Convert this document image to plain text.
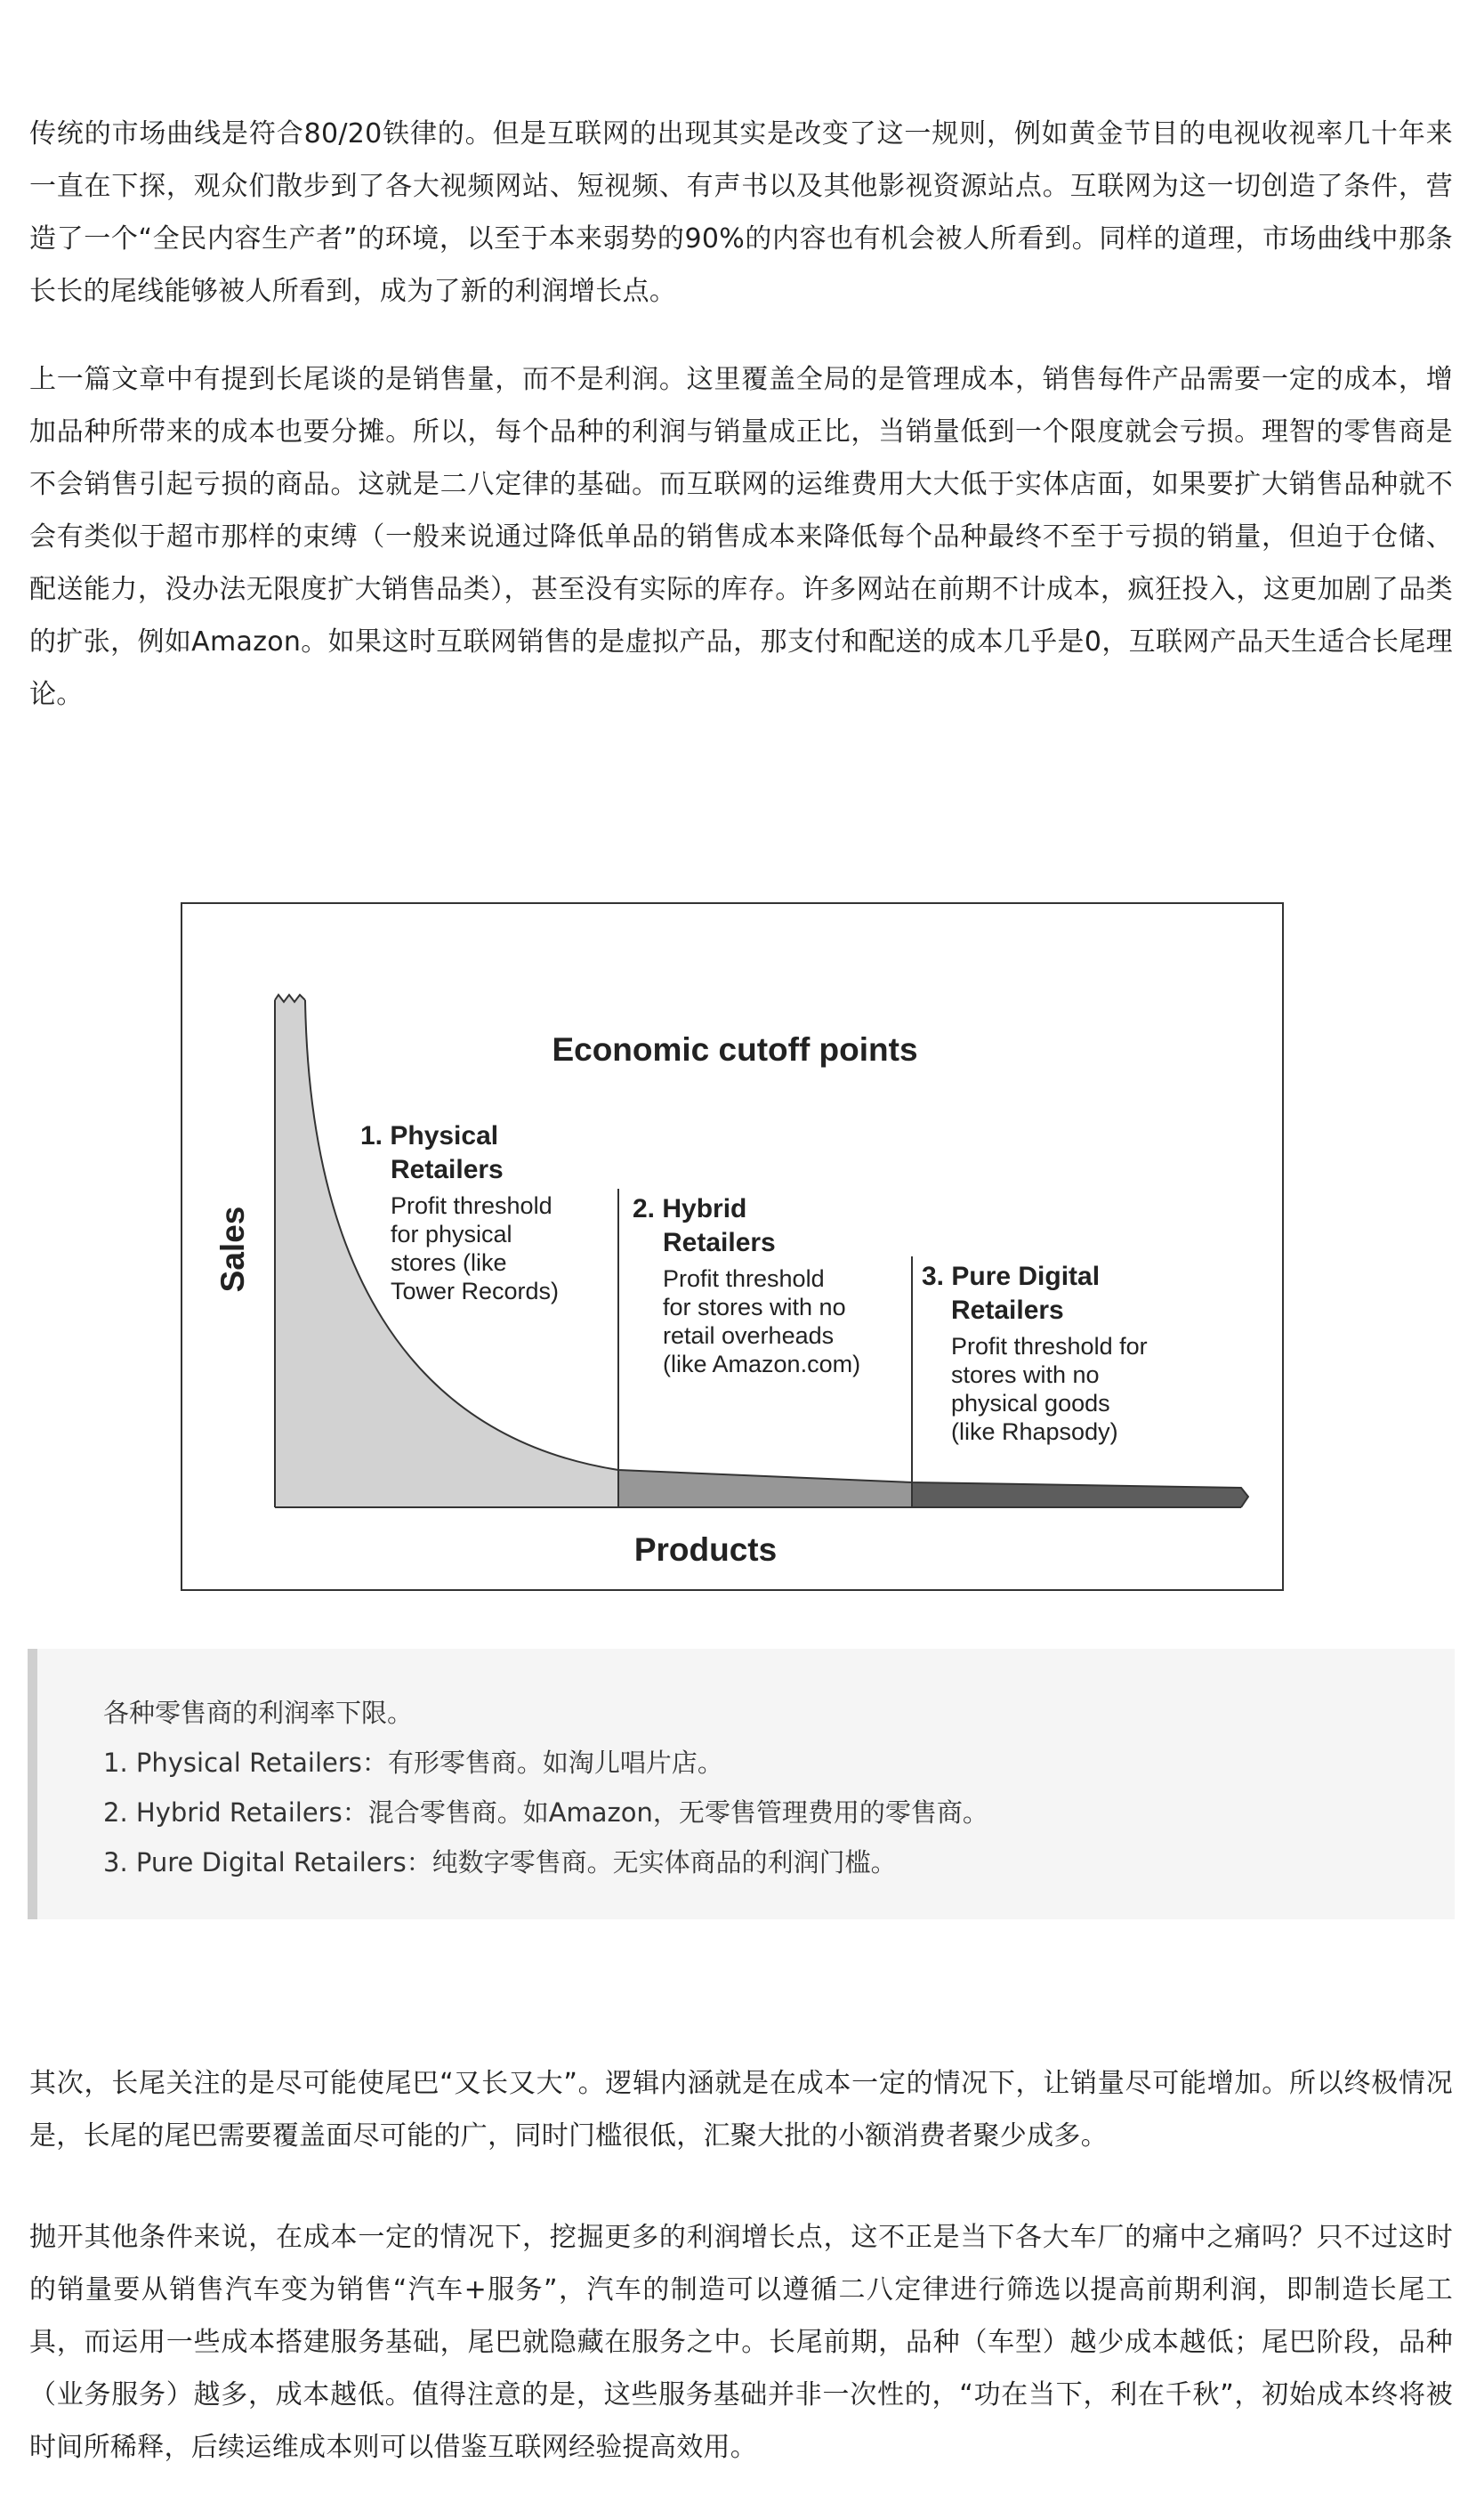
传统的市场曲线是符合80/20铁律的。但是互联网的出现其实是改变了这一规则，例如黄金节目的电视收视率几十年来一直在下探，观众们散步到了各大视频网站、短视频、有声书以及其他影视资源站点。互联网为这一切创造了条件，营造了一个“全民内容生产者”的环境，以至于本来弱势的90%的内容也有机会被人所看到。同样的道理，市场曲线中那条长长的尾线能够被人所看到，成为了新的利润增长点。

上一篇文章中有提到长尾谈的是销售量，而不是利润。这里覆盖全局的是管理成本，销售每件产品需要一定的成本，增加品种所带来的成本也要分摊。所以，每个品种的利润与销量成正比，当销量低到一个限度就会亏损。理智的零售商是不会销售引起亏损的商品。这就是二八定律的基础。而互联网的运维费用大大低于实体店面，如果要扩大销售品种就不会有类似于超市那样的束缚（一般来说通过降低单品的销售成本来降低每个品种最终不至于亏损的销量，但迫于仓储、配送能力，没办法无限度扩大销售品类），甚至没有实际的库存。许多网站在前期不计成本，疯狂投入，这更加剧了品类的扩张，例如Amazon。如果这时互联网销售的是虚拟产品，那支付和配送的成本几乎是0，互联网产品天生适合长尾理论。

Economic cutoff points
Sales
Products
1. Physical
Retailers
Profit threshold
for physical
stores (like
Tower Records)
2. Hybrid
Retailers
Profit threshold
for stores with no
retail overheads
(like Amazon.com)
3. Pure Digital
Retailers
Profit threshold for
stores with no
physical goods
(like Rhapsody)
各种零售商的利润率下限。
1. Physical Retailers：有形零售商。如淘儿唱片店。
2. Hybrid Retailers：混合零售商。如Amazon，无零售管理费用的零售商。
3. Pure Digital Retailers：纯数字零售商。无实体商品的利润门槛。

其次，长尾关注的是尽可能使尾巴“又长又大”。逻辑内涵就是在成本一定的情况下，让销量尽可能增加。所以终极情况是，长尾的尾巴需要覆盖面尽可能的广，同时门槛很低，汇聚大批的小额消费者聚少成多。

抛开其他条件来说，在成本一定的情况下，挖掘更多的利润增长点，这不正是当下各大车厂的痛中之痛吗？只不过这时的销量要从销售汽车变为销售“汽车+服务”，汽车的制造可以遵循二八定律进行筛选以提高前期利润，即制造长尾工具，而运用一些成本搭建服务基础，尾巴就隐藏在服务之中。长尾前期，品种（车型）越少成本越低；尾巴阶段，品种（业务服务）越多，成本越低。值得注意的是，这些服务基础并非一次性的，“功在当下，利在千秋”，初始成本终将被时间所稀释，后续运维成本则可以借鉴互联网经验提高效用。
